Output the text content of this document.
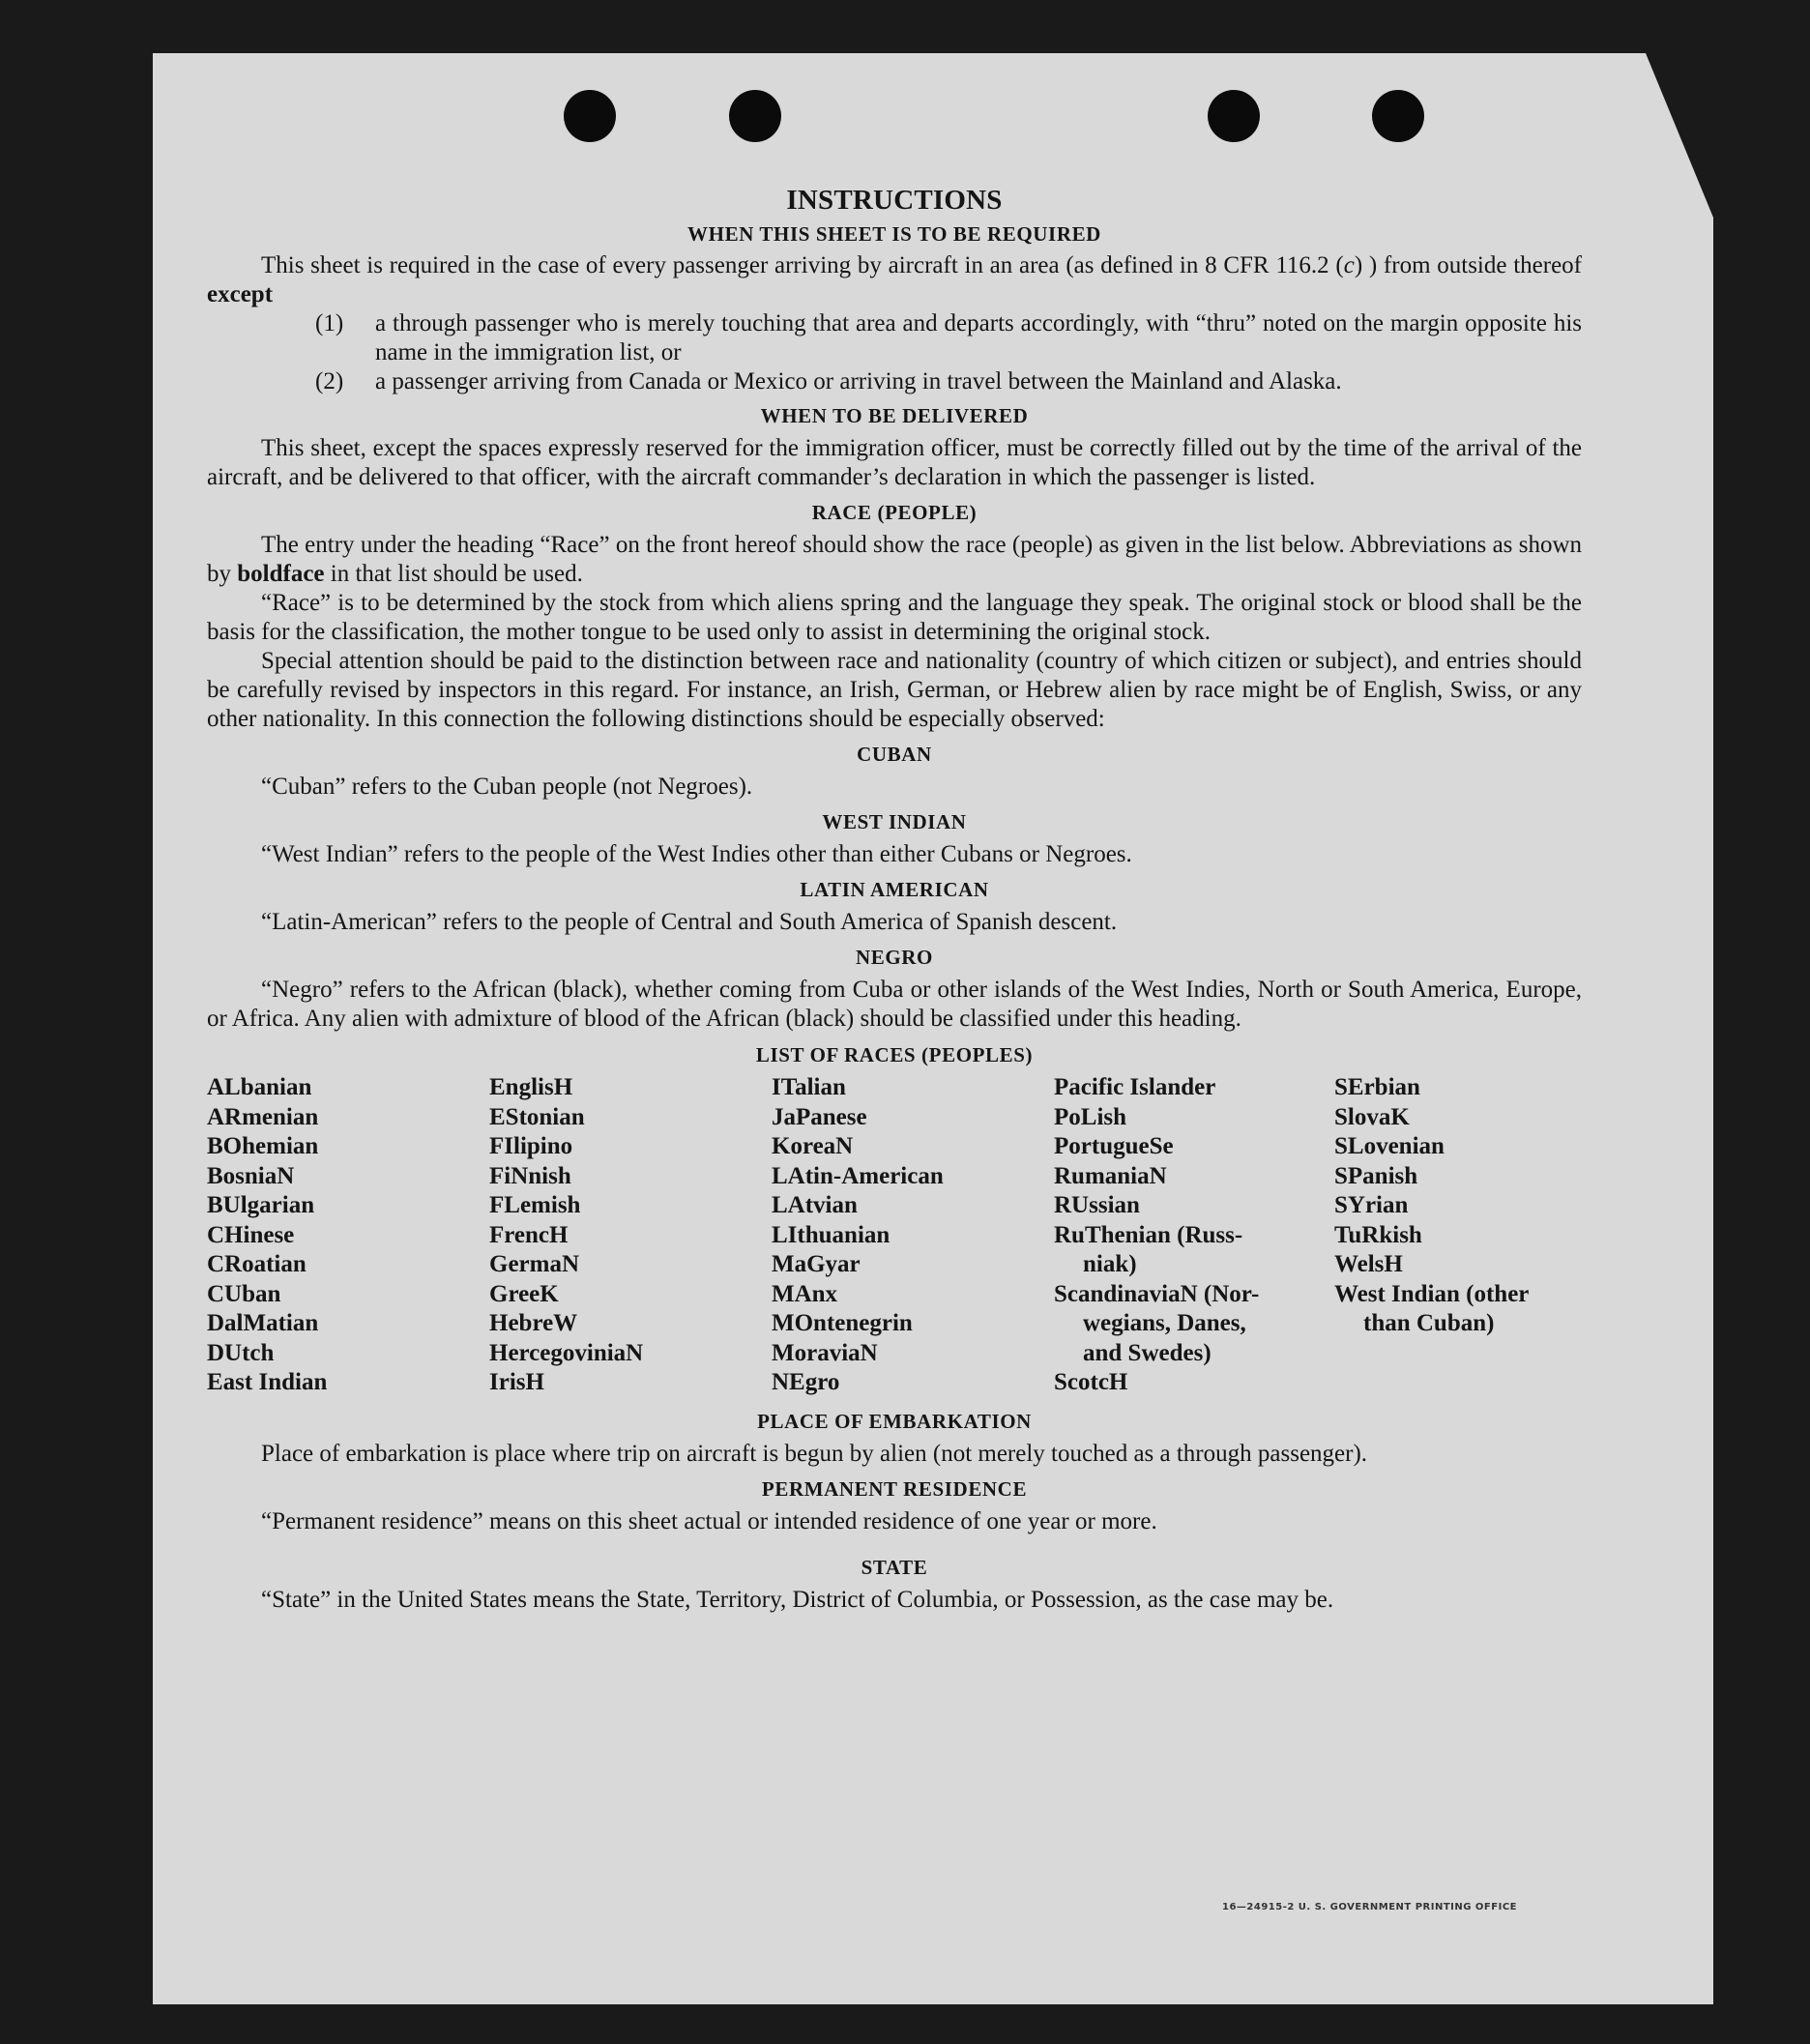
INSTRUCTIONS
WHEN THIS SHEET IS TO BE REQUIRED

This sheet is required in the case of every passenger arriving by aircraft in an area (as defined in 8 CFR 116.2 (c) ) from outside thereof except

(1)	a through passenger who is merely touching that area and departs accordingly, with “thru” noted on the margin opposite his name in the immigration list, or
(2)	a passenger arriving from Canada or Mexico or arriving in travel between the Mainland and Alaska.
WHEN TO BE DELIVERED

This sheet, except the spaces expressly reserved for the immigration officer, must be correctly filled out by the time of the arrival of the aircraft, and be delivered to that officer, with the aircraft commander’s declaration in which the passenger is listed.

RACE (PEOPLE)

The entry under the heading “Race” on the front hereof should show the race (people) as given in the list below. Abbreviations as shown by boldface in that list should be used.

“Race” is to be determined by the stock from which aliens spring and the language they speak. The original stock or blood shall be the basis for the classification, the mother tongue to be used only to assist in determining the original stock.

Special attention should be paid to the distinction between race and nationality (country of which citizen or subject), and entries should be carefully revised by inspectors in this regard. For instance, an Irish, German, or Hebrew alien by race might be of English, Swiss, or any other nationality. In this connection the following distinctions should be especially observed:

CUBAN

“Cuban” refers to the Cuban people (not Negroes).

WEST INDIAN

“West Indian” refers to the people of the West Indies other than either Cubans or Negroes.

LATIN AMERICAN

“Latin-American” refers to the people of Central and South America of Spanish descent.

NEGRO

“Negro” refers to the African (black), whether coming from Cuba or other islands of the West Indies, North or South America, Europe, or Africa. Any alien with admixture of blood of the African (black) should be classified under this heading.

LIST OF RACES (PEOPLES)
ALbanian
ARmenian
BOhemian
BosniaN
BUlgarian
CHinese
CRoatian
CUban
DalMatian
DUtch
East Indian
EnglisH
EStonian
FIlipino
FiNnish
FLemish
FrencH
GermaN
GreeK
HebreW
HercegoviniaN
IrisH
ITalian
JaPanese
KoreaN
LAtin-American
LAtvian
LIthuanian
MaGyar
MAnx
MOntenegrin
MoraviaN
NEgro
Pacific Islander
PoLish
PortugueSe
RumaniaN
RUssian
RuThenian (Russ-
niak)
ScandinaviaN (Nor-
wegians, Danes,
and Swedes)
ScotcH
SErbian
SlovaK
SLovenian
SPanish
SYrian
TuRkish
WelsH
West Indian (other
than Cuban)
PLACE OF EMBARKATION

Place of embarkation is place where trip on aircraft is begun by alien (not merely touched as a through passenger).

PERMANENT RESIDENCE

“Permanent residence” means on this sheet actual or intended residence of one year or more.

STATE

“State” in the United States means the State, Territory, District of Columbia, or Possession, as the case may be.

16—24915-2 U. S. GOVERNMENT PRINTING OFFICE
